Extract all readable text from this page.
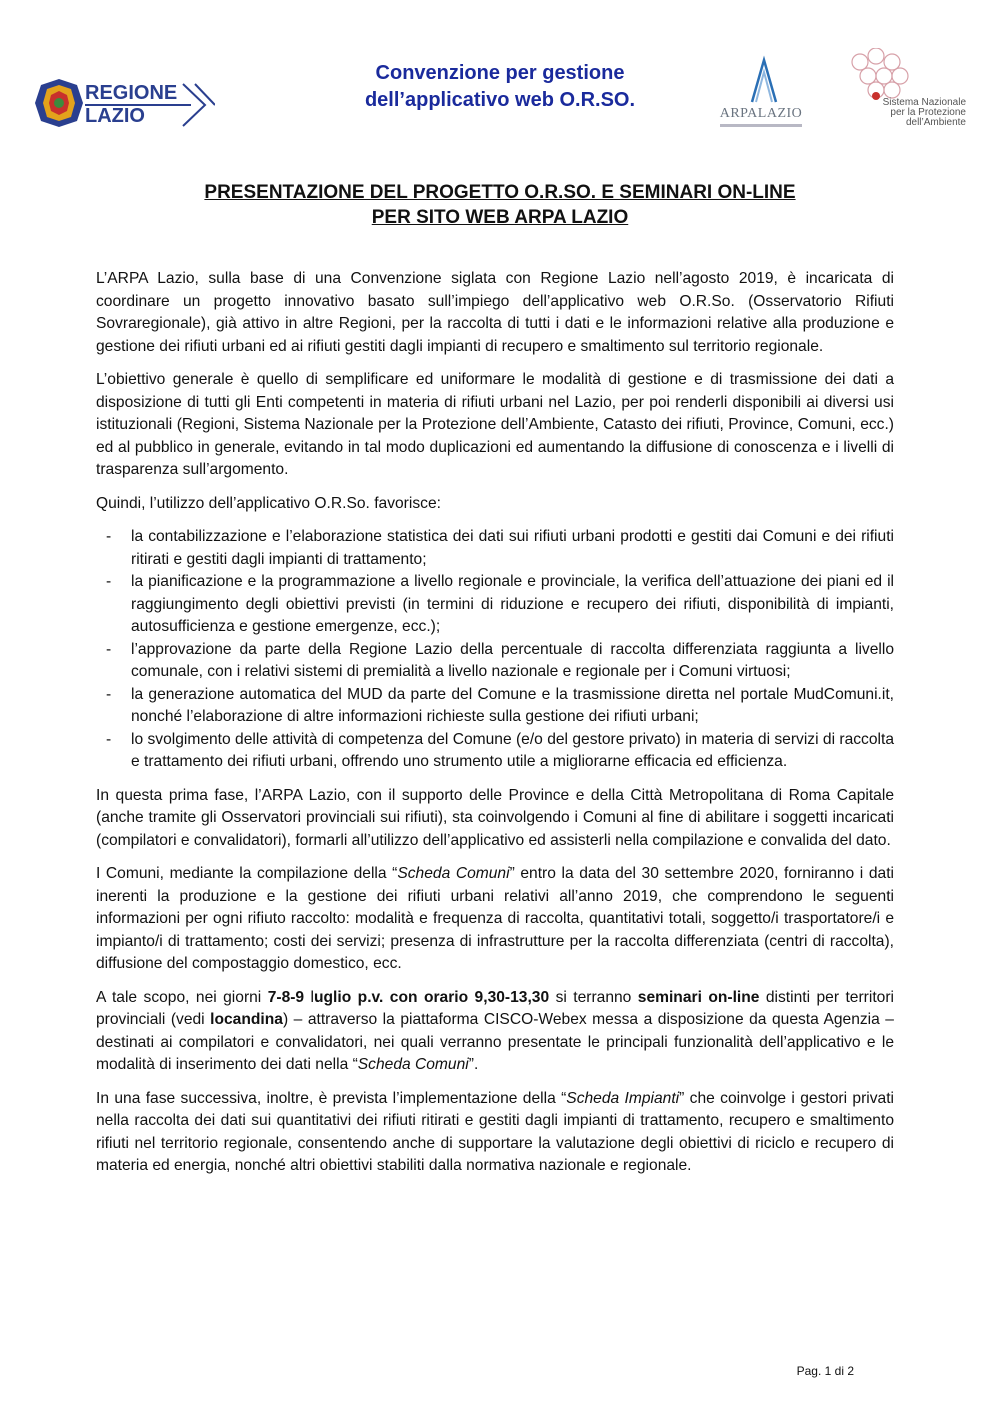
REGIONE
LAZIO
Convenzione per gestione
dell’applicativo web O.R.SO.
ARPALAZIO
Sistema Nazionale
per la Protezione
dell’Ambiente
PRESENTAZIONE DEL PROGETTO O.R.SO. E SEMINARI ON-LINE
PER SITO WEB ARPA LAZIO

L’ARPA Lazio, sulla base di una Convenzione siglata con Regione Lazio nell’agosto 2019, è incaricata di coordinare un progetto innovativo basato sull’impiego dell’applicativo web O.R.So. (Osservatorio Rifiuti Sovraregionale), già attivo in altre Regioni, per la raccolta di tutti i dati e le informazioni relative alla produzione e gestione dei rifiuti urbani ed ai rifiuti gestiti dagli impianti di recupero e smaltimento sul territorio regionale.

L’obiettivo generale è quello di semplificare ed uniformare le modalità di gestione e di trasmissione dei dati a disposizione di tutti gli Enti competenti in materia di rifiuti urbani nel Lazio, per poi renderli disponibili ai diversi usi istituzionali (Regioni, Sistema Nazionale per la Protezione dell’Ambiente, Catasto dei rifiuti, Province, Comuni, ecc.) ed al pubblico in generale, evitando in tal modo duplicazioni ed aumentando la diffusione di conoscenza e i livelli di trasparenza sull’argomento.

Quindi, l’utilizzo dell’applicativo O.R.So. favorisce:

- la contabilizzazione e l’elaborazione statistica dei dati sui rifiuti urbani prodotti e gestiti dai Comuni e dei rifiuti ritirati e gestiti dagli impianti di trattamento;
- la pianificazione e la programmazione a livello regionale e provinciale, la verifica dell’attuazione dei piani ed il raggiungimento degli obiettivi previsti (in termini di riduzione e recupero dei rifiuti, disponibilità di impianti, autosufficienza e gestione emergenze, ecc.);
- l’approvazione da parte della Regione Lazio della percentuale di raccolta differenziata raggiunta a livello comunale, con i relativi sistemi di premialità a livello nazionale e regionale per i Comuni virtuosi;
- la generazione automatica del MUD da parte del Comune e la trasmissione diretta nel portale MudComuni.it, nonché l’elaborazione di altre informazioni richieste sulla gestione dei rifiuti urbani;
- lo svolgimento delle attività di competenza del Comune (e/o del gestore privato) in materia di servizi di raccolta e trattamento dei rifiuti urbani, offrendo uno strumento utile a migliorarne efficacia ed efficienza.

In questa prima fase, l’ARPA Lazio, con il supporto delle Province e della Città Metropolitana di Roma Capitale (anche tramite gli Osservatori provinciali sui rifiuti), sta coinvolgendo i Comuni al fine di abilitare i soggetti incaricati (compilatori e convalidatori), formarli all’utilizzo dell’applicativo ed assisterli nella compilazione e convalida del dato.

I Comuni, mediante la compilazione della “Scheda Comuni” entro la data del 30 settembre 2020, forniranno i dati inerenti la produzione e la gestione dei rifiuti urbani relativi all’anno 2019, che comprendono le seguenti informazioni per ogni rifiuto raccolto: modalità e frequenza di raccolta, quantitativi totali, soggetto/i trasportatore/i e impianto/i di trattamento; costi dei servizi; presenza di infrastrutture per la raccolta differenziata (centri di raccolta), diffusione del compostaggio domestico, ecc.

A tale scopo, nei giorni 7-8-9 luglio p.v. con orario 9,30-13,30 si terranno seminari on-line distinti per territori provinciali (vedi locandina) – attraverso la piattaforma CISCO-Webex messa a disposizione da questa Agenzia – destinati ai compilatori e convalidatori, nei quali verranno presentate le principali funzionalità dell’applicativo e le modalità di inserimento dei dati nella “Scheda Comuni”.

In una fase successiva, inoltre, è prevista l’implementazione della “Scheda Impianti” che coinvolge i gestori privati nella raccolta dei dati sui quantitativi dei rifiuti ritirati e gestiti dagli impianti di trattamento, recupero e smaltimento rifiuti nel territorio regionale, consentendo anche di supportare la valutazione degli obiettivi di riciclo e recupero di materia ed energia, nonché altri obiettivi stabiliti dalla normativa nazionale e regionale.

Pag. 1 di 2
